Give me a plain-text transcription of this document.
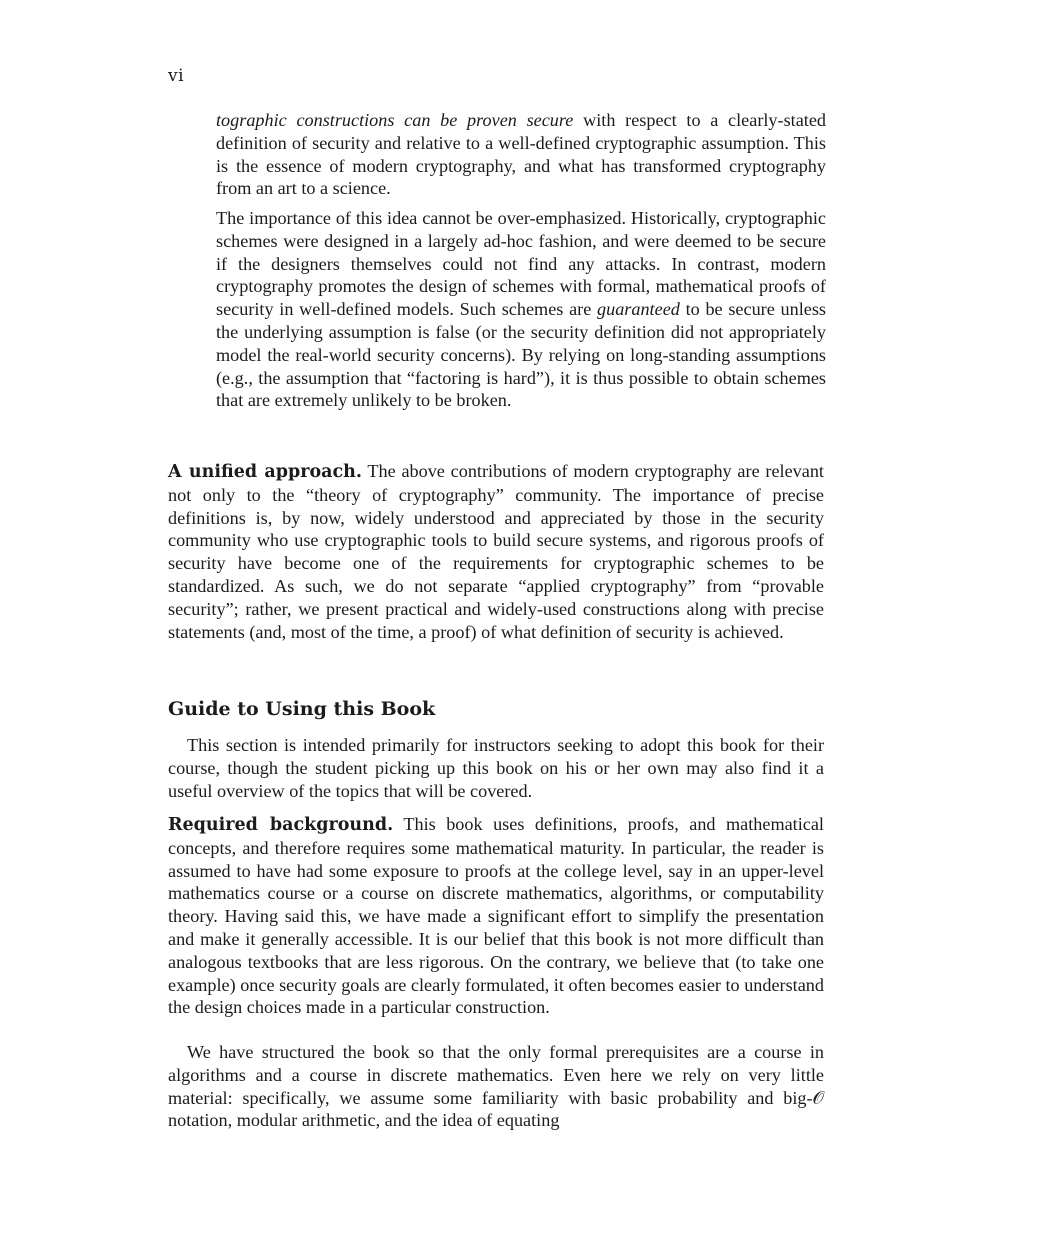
vi

tographic constructions can be proven secure with respect to a clearly-stated definition of security and relative to a well-defined cryptographic assumption. This is the essence of modern cryptography, and what has transformed cryptography from an art to a science.

The importance of this idea cannot be over-emphasized. Historically, cryptographic schemes were designed in a largely ad-hoc fashion, and were deemed to be secure if the designers themselves could not find any attacks. In contrast, modern cryptography promotes the design of schemes with formal, mathematical proofs of security in well-defined models. Such schemes are guaranteed to be secure unless the underlying assumption is false (or the security definition did not appropriately model the real-world security concerns). By relying on long-standing assumptions (e.g., the assumption that “factoring is hard”), it is thus possible to obtain schemes that are extremely unlikely to be broken.

A unified approach. The above contributions of modern cryptography are relevant not only to the “theory of cryptography” community. The importance of precise definitions is, by now, widely understood and appreciated by those in the security community who use cryptographic tools to build secure systems, and rigorous proofs of security have become one of the requirements for cryptographic schemes to be standardized. As such, we do not separate “applied cryptography” from “provable security”; rather, we present practical and widely-used constructions along with precise statements (and, most of the time, a proof) of what definition of security is achieved.

Guide to Using this Book

This section is intended primarily for instructors seeking to adopt this book for their course, though the student picking up this book on his or her own may also find it a useful overview of the topics that will be covered.

Required background. This book uses definitions, proofs, and mathematical concepts, and therefore requires some mathematical maturity. In particular, the reader is assumed to have had some exposure to proofs at the college level, say in an upper-level mathematics course or a course on discrete mathematics, algorithms, or computability theory. Having said this, we have made a significant effort to simplify the presentation and make it generally accessible. It is our belief that this book is not more difficult than analogous textbooks that are less rigorous. On the contrary, we believe that (to take one example) once security goals are clearly formulated, it often becomes easier to understand the design choices made in a particular construction.

We have structured the book so that the only formal prerequisites are a course in algorithms and a course in discrete mathematics. Even here we rely on very little material: specifically, we assume some familiarity with basic probability and big-𝒪 notation, modular arithmetic, and the idea of equating
